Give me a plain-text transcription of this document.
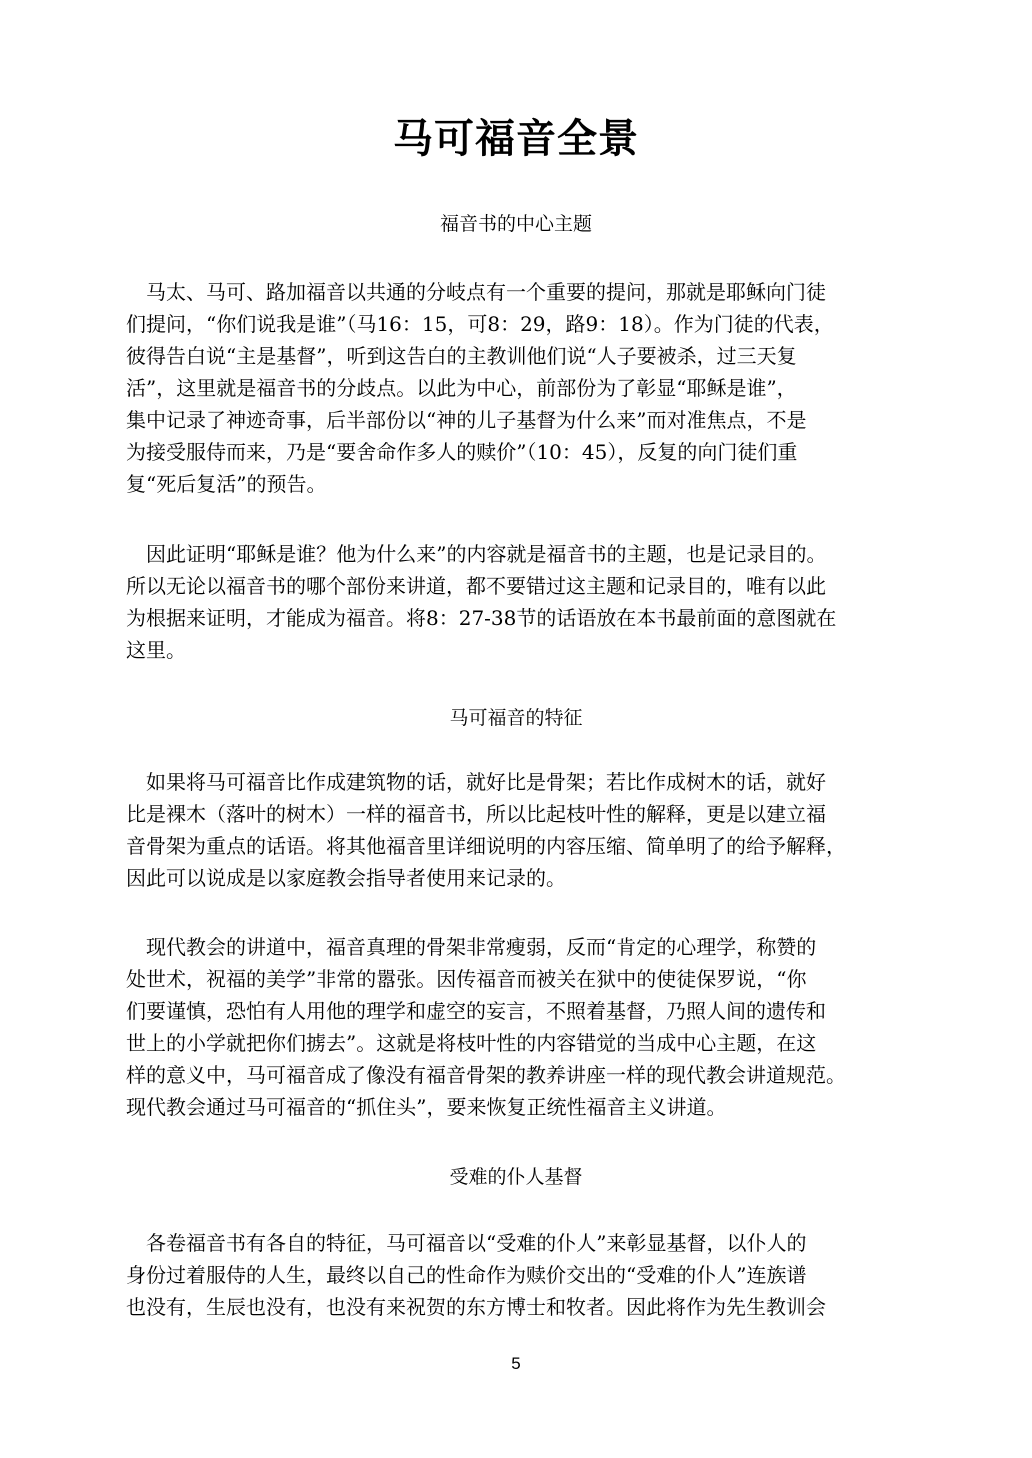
马可福音全景
福音书的中心主题
马太、马可、路加福音以共通的分岐点有一个重要的提问，那就是耶稣向门徒
们提问，“你们说我是谁”（马16：15，可8：29，路9：18）。作为门徒的代表，
彼得告白说“主是基督”，听到这告白的主教训他们说“人子要被杀，过三天复
活”，这里就是福音书的分歧点。以此为中心，前部份为了彰显“耶稣是谁”，
集中记录了神迹奇事，后半部份以“神的儿子基督为什么来”而对准焦点，不是
为接受服侍而来，乃是“要舍命作多人的赎价”（10：45），反复的向门徒们重
复“死后复活”的预告。
因此证明“耶稣是谁？他为什么来”的内容就是福音书的主题，也是记录目的。
所以无论以福音书的哪个部份来讲道，都不要错过这主题和记录目的，唯有以此
为根据来证明，才能成为福音。将8：27-38节的话语放在本书最前面的意图就在
这里。
马可福音的特征
如果将马可福音比作成建筑物的话，就好比是骨架；若比作成树木的话，就好
比是裸木（落叶的树木）一样的福音书，所以比起枝叶性的解释，更是以建立福
音骨架为重点的话语。将其他福音里详细说明的内容压缩、简单明了的给予解释，
因此可以说成是以家庭教会指导者使用来记录的。
现代教会的讲道中，福音真理的骨架非常瘦弱，反而“肯定的心理学，称赞的
处世术，祝福的美学”非常的嚣张。因传福音而被关在狱中的使徒保罗说，“你
们要谨慎，恐怕有人用他的理学和虚空的妄言，不照着基督，乃照人间的遗传和
世上的小学就把你们掳去”。这就是将枝叶性的内容错觉的当成中心主题，在这
样的意义中，马可福音成了像没有福音骨架的教养讲座一样的现代教会讲道规范。
现代教会通过马可福音的“抓住头”，要来恢复正统性福音主义讲道。
受难的仆人基督
各卷福音书有各自的特征，马可福音以“受难的仆人”来彰显基督，以仆人的
身份过着服侍的人生，最终以自己的性命作为赎价交出的“受难的仆人”连族谱
也没有，生辰也没有，也没有来祝贺的东方博士和牧者。因此将作为先生教训会
5
